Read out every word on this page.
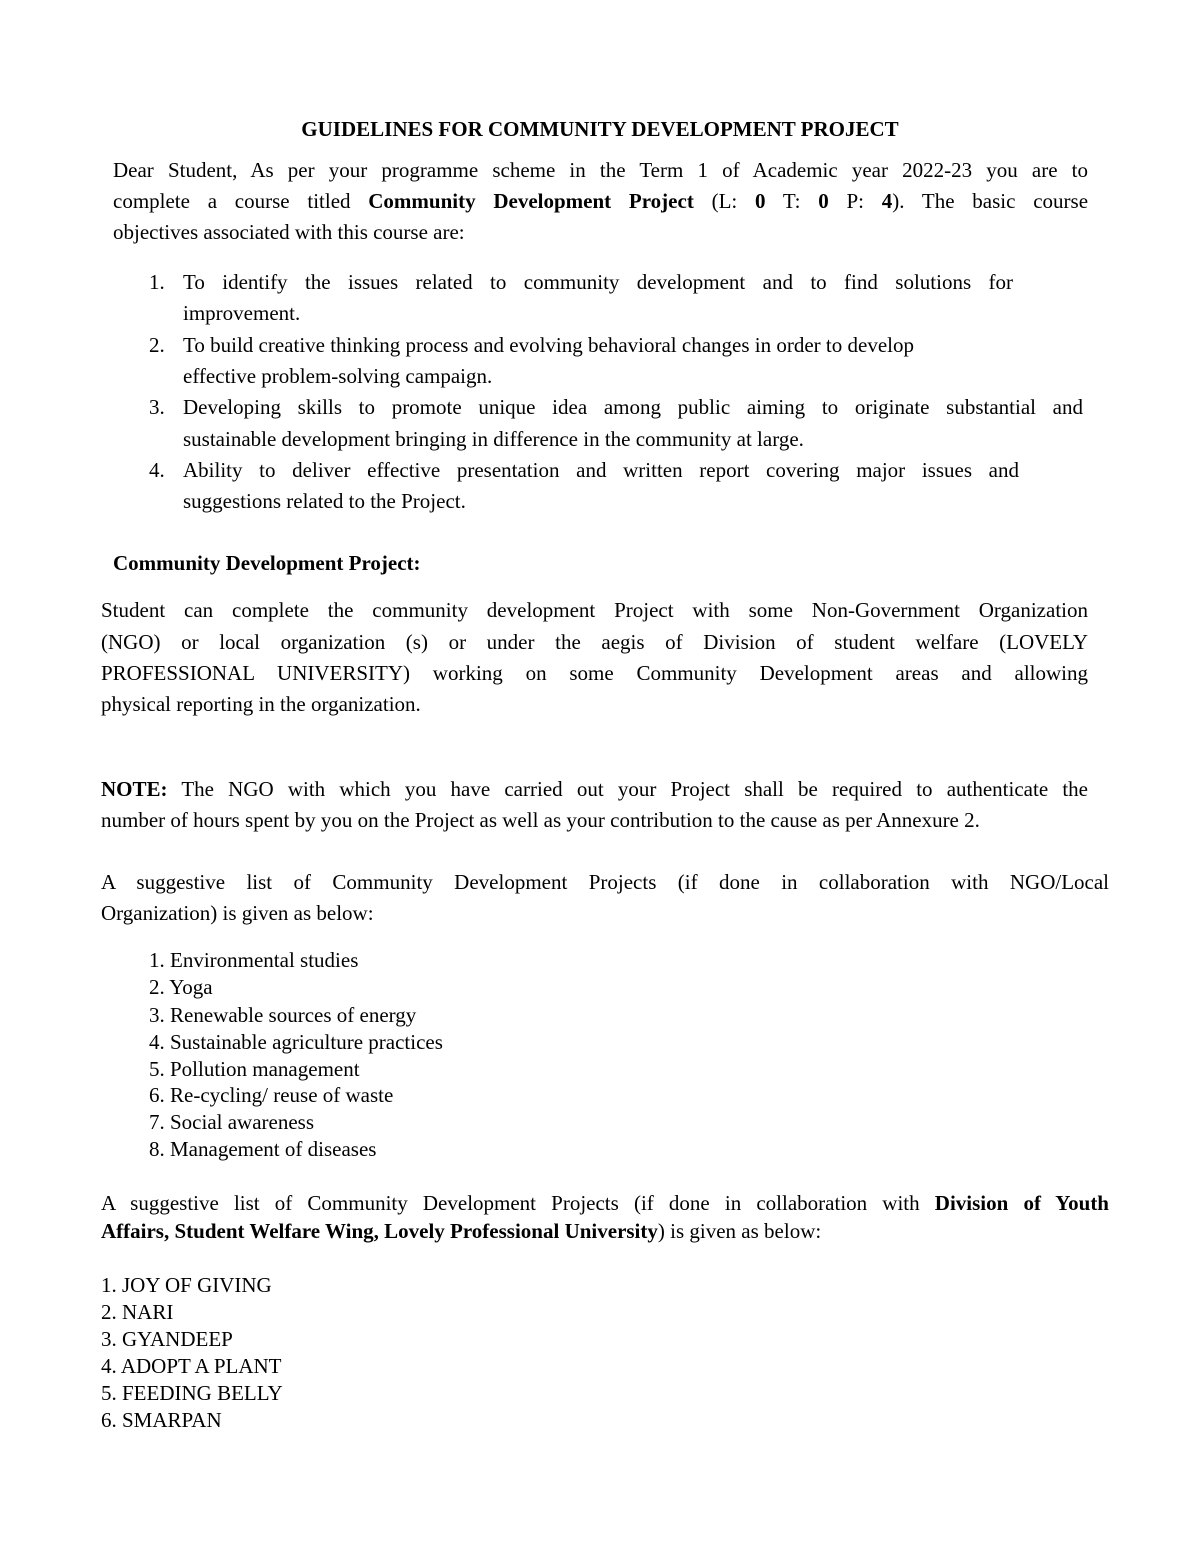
GUIDELINES FOR COMMUNITY DEVELOPMENT PROJECT
Dear Student, As per your programme scheme in the Term 1 of Academic year 2022-23 you are to
complete a course titled Community Development Project (L: 0 T: 0 P: 4). The basic course
objectives associated with this course are:
1. To identify the issues related to community development and to find solutions for
improvement.
2. To build creative thinking process and evolving behavioral changes in order to develop
effective problem-solving campaign.
3. Developing skills to promote unique idea among public aiming to originate substantial and
sustainable development bringing in difference in the community at large.
4. Ability to deliver effective presentation and written report covering major issues and
suggestions related to the Project.
Community Development Project:
Student can complete the community development Project with some Non-Government Organization
(NGO) or local organization (s) or under the aegis of Division of student welfare (LOVELY
PROFESSIONAL UNIVERSITY) working on some Community Development areas and allowing
physical reporting in the organization.
NOTE: The NGO with which you have carried out your Project shall be required to authenticate the
number of hours spent by you on the Project as well as your contribution to the cause as per Annexure 2.
A suggestive list of Community Development Projects (if done in collaboration with NGO/Local
Organization) is given as below:
1. Environmental studies
2. Yoga
3. Renewable sources of energy
4. Sustainable agriculture practices
5. Pollution management
6. Re-cycling/ reuse of waste
7. Social awareness
8. Management of diseases
A suggestive list of Community Development Projects (if done in collaboration with Division of Youth
Affairs, Student Welfare Wing, Lovely Professional University) is given as below:
1. JOY OF GIVING
2. NARI
3. GYANDEEP
4. ADOPT A PLANT
5. FEEDING BELLY
6. SMARPAN
